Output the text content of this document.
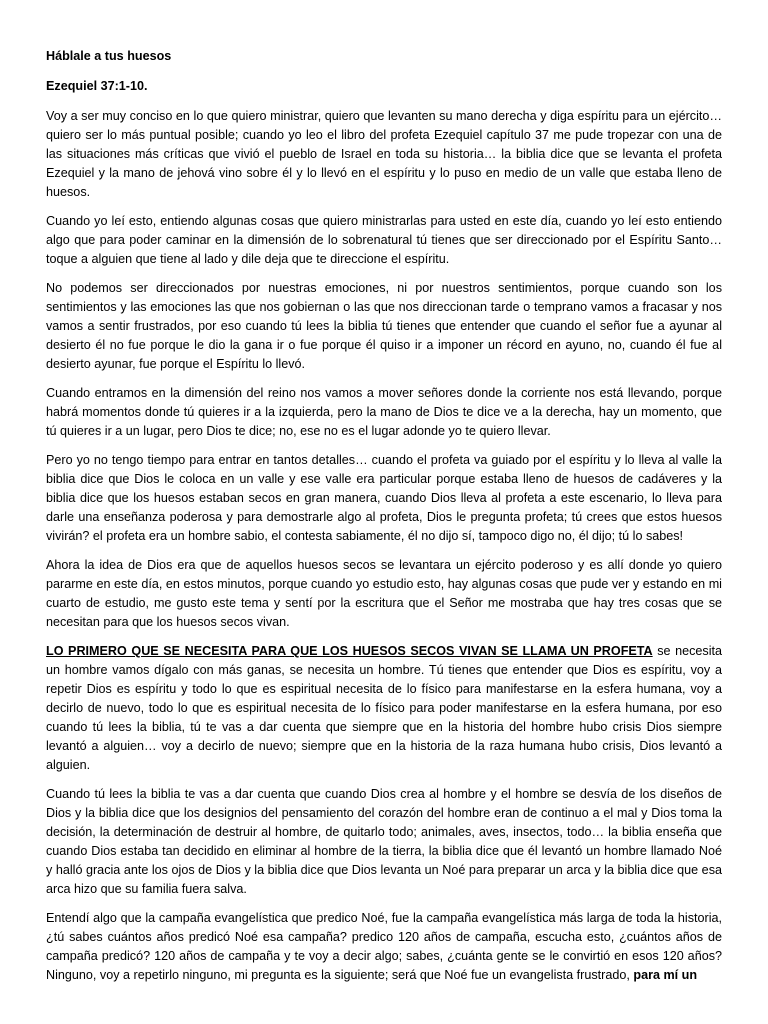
Háblale a tus huesos
Ezequiel 37:1-10.

Voy a ser muy conciso en lo que quiero ministrar, quiero que levanten su mano derecha y diga espíritu para un ejército… quiero ser lo más puntual posible; cuando yo leo el libro del profeta Ezequiel capítulo 37 me pude tropezar con una de las situaciones más críticas que vivió el pueblo de Israel en toda su historia… la biblia dice que se levanta el profeta Ezequiel y la mano de jehová vino sobre él y lo llevó en el espíritu y lo puso en medio de un valle que estaba lleno de huesos.

Cuando yo leí esto, entiendo algunas cosas que quiero ministrarlas para usted en este día, cuando yo leí esto entiendo algo que para poder caminar en la dimensión de lo sobrenatural tú tienes que ser direccionado por el Espíritu Santo… toque a alguien que tiene al lado y dile deja que te direccione el espíritu.

No podemos ser direccionados por nuestras emociones, ni por nuestros sentimientos, porque cuando son los sentimientos y las emociones las que nos gobiernan o las que nos direccionan tarde o temprano vamos a fracasar y nos vamos a sentir frustrados, por eso cuando tú lees la biblia tú tienes que entender que cuando el señor fue a ayunar al desierto él no fue porque le dio la gana ir o fue porque él quiso ir a imponer un récord en ayuno, no, cuando él fue al desierto ayunar, fue porque el Espíritu lo llevó.

Cuando entramos en la dimensión del reino nos vamos a mover señores donde la corriente nos está llevando, porque habrá momentos donde tú quieres ir a la izquierda, pero la mano de Dios te dice ve a la derecha, hay un momento, que tú quieres ir a un lugar, pero Dios te dice; no, ese no es el lugar adonde yo te quiero llevar.

Pero yo no tengo tiempo para entrar en tantos detalles… cuando el profeta va guiado por el espíritu y lo lleva al valle la biblia dice que Dios le coloca en un valle y ese valle era particular porque estaba lleno de huesos de cadáveres y la biblia dice que los huesos estaban secos en gran manera, cuando Dios lleva al profeta a este escenario, lo lleva para darle una enseñanza poderosa y para demostrarle algo al profeta, Dios le pregunta profeta; tú crees que estos huesos vivirán? el profeta era un hombre sabio, el contesta sabiamente, él no dijo sí, tampoco digo no, él dijo; tú lo sabes!

Ahora la idea de Dios era que de aquellos huesos secos se levantara un ejército poderoso y es allí donde yo quiero pararme en este día, en estos minutos, porque cuando yo estudio esto, hay algunas cosas que pude ver y estando en mi cuarto de estudio, me gusto este tema y sentí por la escritura que el Señor me mostraba que hay tres cosas que se necesitan para que los huesos secos vivan.

LO PRIMERO QUE SE NECESITA PARA QUE LOS HUESOS SECOS VIVAN SE LLAMA UN PROFETA se necesita un hombre vamos dígalo con más ganas, se necesita un hombre. Tú tienes que entender que Dios es espíritu, voy a repetir Dios es espíritu y todo lo que es espiritual necesita de lo físico para manifestarse en la esfera humana, voy a decirlo de nuevo, todo lo que es espiritual necesita de lo físico para poder manifestarse en la esfera humana, por eso cuando tú lees la biblia, tú te vas a dar cuenta que siempre que en la historia del hombre hubo crisis Dios siempre levantó a alguien… voy a decirlo de nuevo; siempre que en la historia de la raza humana hubo crisis, Dios levantó a alguien.

Cuando tú lees la biblia te vas a dar cuenta que cuando Dios crea al hombre y el hombre se desvía de los diseños de Dios y la biblia dice que los designios del pensamiento del corazón del hombre eran de continuo a el mal y Dios toma la decisión, la determinación de destruir al hombre, de quitarlo todo; animales, aves, insectos, todo… la biblia enseña que cuando Dios estaba tan decidido en eliminar al hombre de la tierra, la biblia dice que él levantó un hombre llamado Noé y halló gracia ante los ojos de Dios y la biblia dice que Dios levanta un Noé para preparar un arca y la biblia dice que esa arca hizo que su familia fuera salva.

Entendí algo que la campaña evangelística que predico Noé, fue la campaña evangelística más larga de toda la historia, ¿tú sabes cuántos años predicó Noé esa campaña? predico 120 años de campaña, escucha esto, ¿cuántos años de campaña predicó? 120 años de campaña y te voy a decir algo; sabes, ¿cuánta gente se le convirtió en esos 120 años? Ninguno, voy a repetirlo ninguno, mi pregunta es la siguiente; será que Noé fue un evangelista frustrado, para mí un
